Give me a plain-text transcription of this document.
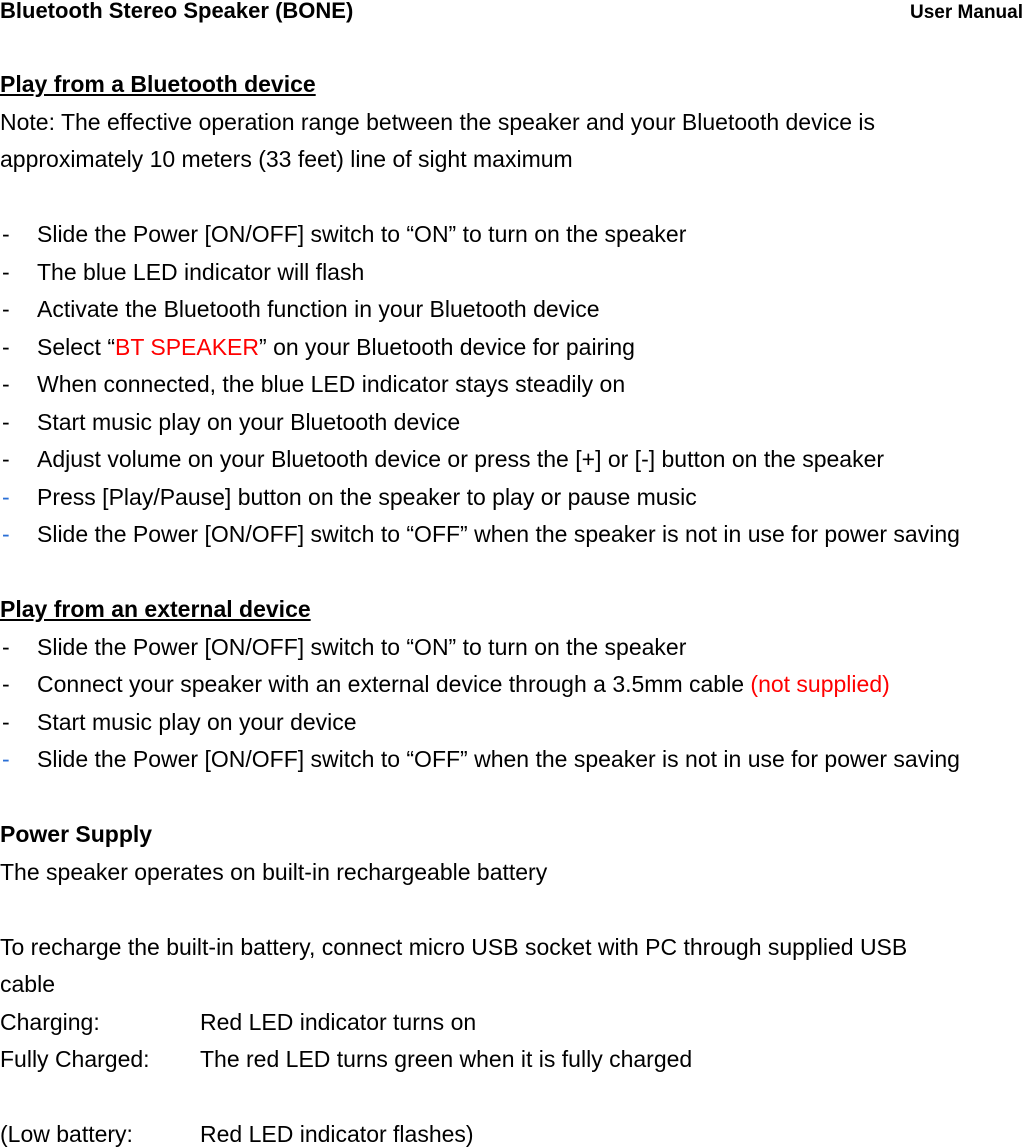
Bluetooth Stereo Speaker (BONE)	User Manual
Play from a Bluetooth device
Note: The effective operation range between the speaker and your Bluetooth device is
approximately 10 meters (33 feet) line of sight maximum
-	Slide the Power [ON/OFF] switch to “ON” to turn on the speaker
-	The blue LED indicator will flash
-	Activate the Bluetooth function in your Bluetooth device
-	Select “BT SPEAKER” on your Bluetooth device for pairing
-	When connected, the blue LED indicator stays steadily on
-	Start music play on your Bluetooth device
-	Adjust volume on your Bluetooth device or press the [+] or [-] button on the speaker
-	Press [Play/Pause] button on the speaker to play or pause music
-	Slide the Power [ON/OFF] switch to “OFF” when the speaker is not in use for power saving
Play from an external device
-	Slide the Power [ON/OFF] switch to “ON” to turn on the speaker
-	Connect your speaker with an external device through a 3.5mm cable (not supplied)
-	Start music play on your device
-	Slide the Power [ON/OFF] switch to “OFF” when the speaker is not in use for power saving
Power Supply
The speaker operates on built-in rechargeable battery
To recharge the built-in battery, connect micro USB socket with PC through supplied USB
cable
Charging:	Red LED indicator turns on
Fully Charged: The red LED turns green when it is fully charged
(Low battery:	Red LED indicator flashes)
